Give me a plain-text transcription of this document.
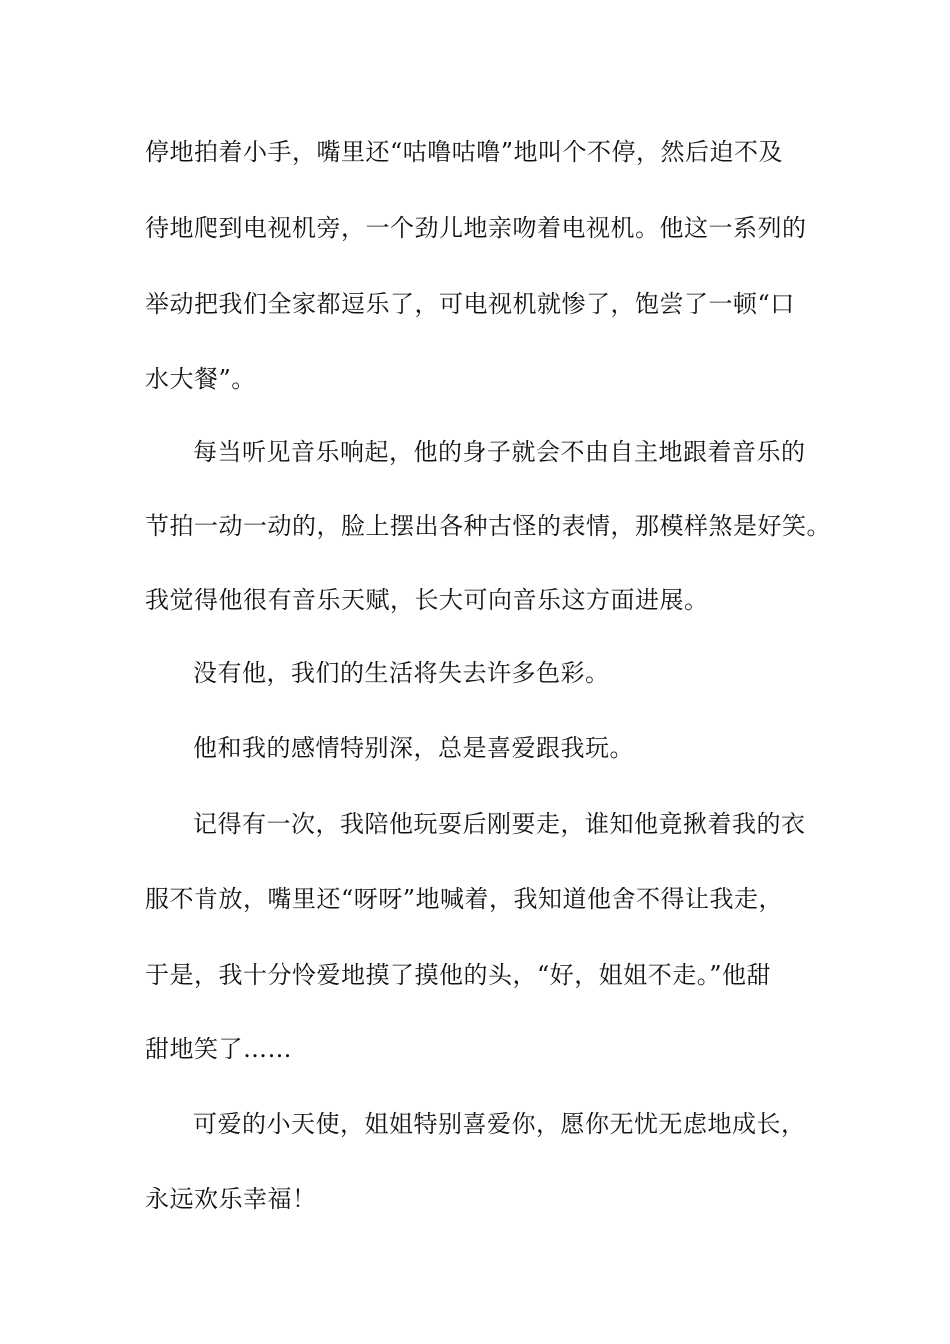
停地拍着小手，嘴里还“咕噜咕噜”地叫个不停，然后迫不及
待地爬到电视机旁，一个劲儿地亲吻着电视机。他这一系列的
举动把我们全家都逗乐了，可电视机就惨了，饱尝了一顿“口
水大餐”。
每当听见音乐响起，他的身子就会不由自主地跟着音乐的
节拍一动一动的，脸上摆出各种古怪的表情，那模样煞是好笑。
我觉得他很有音乐天赋，长大可向音乐这方面进展。
没有他，我们的生活将失去许多色彩。
他和我的感情特别深，总是喜爱跟我玩。
记得有一次，我陪他玩耍后刚要走，谁知他竟揪着我的衣
服不肯放，嘴里还“呀呀”地喊着，我知道他舍不得让我走，
于是，我十分怜爱地摸了摸他的头，“好，姐姐不走。”他甜
甜地笑了……
可爱的小天使，姐姐特别喜爱你，愿你无忧无虑地成长，
永远欢乐幸福！
